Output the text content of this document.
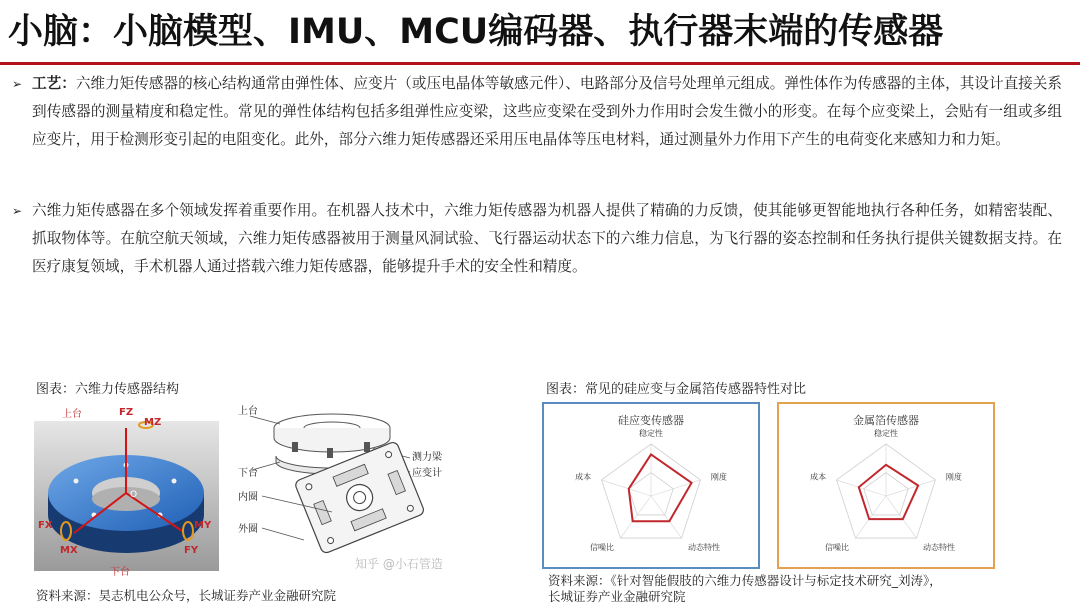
小脑：小脑模型、IMU、MCU编码器、执行器末端的传感器
➢ 工艺：六维力矩传感器的核心结构通常由弹性体、应变片（或压电晶体等敏感元件）、电路部分及信号处理单元组成。弹性体作为传感器的主体，其设计直接关系到传感器的测量精度和稳定性。常见的弹性体结构包括多组弹性应变梁，这些应变梁在受到外力作用时会发生微小的形变。在每个应变梁上，会贴有一组或多组应变片，用于检测形变引起的电阻变化。此外，部分六维力矩传感器还采用压电晶体等压电材料，通过测量外力作用下产生的电荷变化来感知力和力矩。
➢ 六维力矩传感器在多个领域发挥着重要作用。在机器人技术中，六维力矩传感器为机器人提供了精确的力反馈，使其能够更智能地执行各种任务，如精密装配、抓取物体等。在航空航天领域，六维力矩传感器被用于测量风洞试验、飞行器运动状态下的六维力信息，为飞行器的姿态控制和任务执行提供关键数据支持。在医疗康复领域，手术机器人通过搭载六维力矩传感器，能够提升手术的安全性和精度。
图表：六维力传感器结构
上台	FZ
MZ
O
FX
MX
MY
FY
下台
上台
下台
测力梁
应变计
内圈
外圈
资料来源：昊志机电公众号，长城证券产业金融研究院
知乎 @小石管造
图表：常见的硅应变与金属箔传感器特性对比
硅应变传感器
稳定性
刚度
动态特性
信噪比
成本
金属箔传感器
稳定性
刚度
动态特性
信噪比
成本
资料来源：《针对智能假肢的六维力传感器设计与标定技术研究_刘涛》，
长城证券产业金融研究院
